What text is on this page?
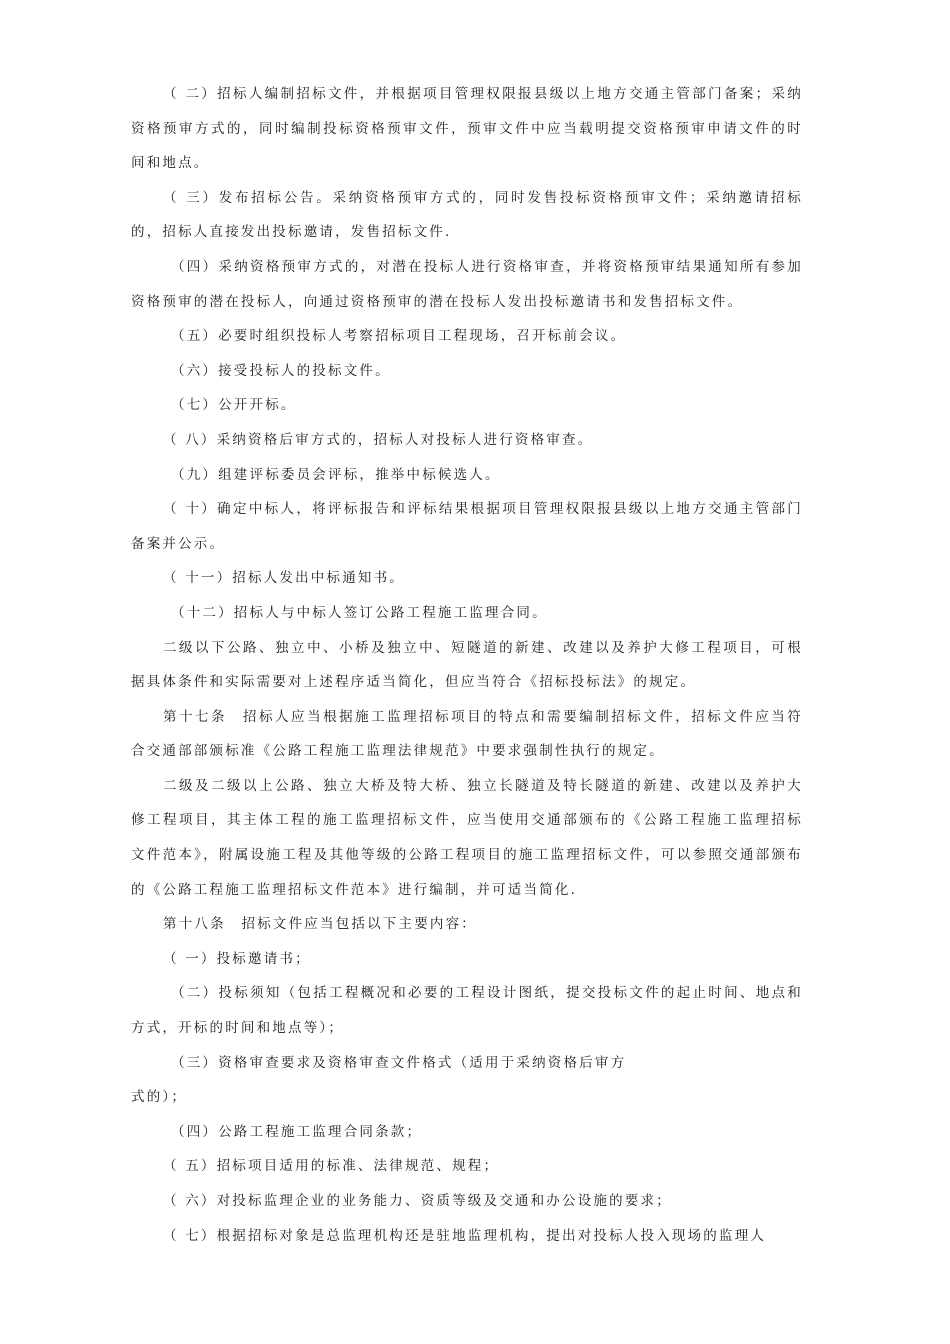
（ 二）招标人编制招标文件，并根据项目管理权限报县级以上地方交通主管部门备案；采纳资格预审方式的，同时编制投标资格预审文件，预审文件中应当载明提交资格预审申请文件的时间和地点。

（ 三）发布招标公告。采纳资格预审方式的，同时发售投标资格预审文件；采纳邀请招标的，招标人直接发出投标邀请，发售招标文件.

（四）采纳资格预审方式的，对潜在投标人进行资格审查，并将资格预审结果通知所有参加资格预审的潜在投标人，向通过资格预审的潜在投标人发出投标邀请书和发售招标文件。

（五）必要时组织投标人考察招标项目工程现场，召开标前会议。

（六）接受投标人的投标文件。

（七）公开开标。

（ 八）采纳资格后审方式的，招标人对投标人进行资格审查。

（九）组建评标委员会评标，推举中标候选人。

（ 十）确定中标人，将评标报告和评标结果根据项目管理权限报县级以上地方交通主管部门备案并公示。

（ 十一）招标人发出中标通知书。

（十二）招标人与中标人签订公路工程施工监理合同。

二级以下公路、独立中、小桥及独立中、短隧道的新建、改建以及养护大修工程项目，可根据具体条件和实际需要对上述程序适当简化，但应当符合《招标投标法》的规定。

第十七条　招标人应当根据施工监理招标项目的特点和需要编制招标文件，招标文件应当符合交通部部颁标准《公路工程施工监理法律规范》中要求强制性执行的规定。

二级及二级以上公路、独立大桥及特大桥、独立长隧道及特长隧道的新建、改建以及养护大修工程项目，其主体工程的施工监理招标文件，应当使用交通部颁布的《公路工程施工监理招标文件范本》，附属设施工程及其他等级的公路工程项目的施工监理招标文件，可以参照交通部颁布的《公路工程施工监理招标文件范本》进行编制，并可适当简化.

第十八条　招标文件应当包括以下主要内容：

（ 一）投标邀请书；

（二）投标须知（包括工程概况和必要的工程设计图纸，提交投标文件的起止时间、地点和方式，开标的时间和地点等）；

（三）资格审查要求及资格审查文件格式（适用于采纳资格后审方

式的）；

（四）公路工程施工监理合同条款；

（ 五）招标项目适用的标准、法律规范、规程；

（ 六）对投标监理企业的业务能力、资质等级及交通和办公设施的要求；

（ 七）根据招标对象是总监理机构还是驻地监理机构，提出对投标人投入现场的监理人
